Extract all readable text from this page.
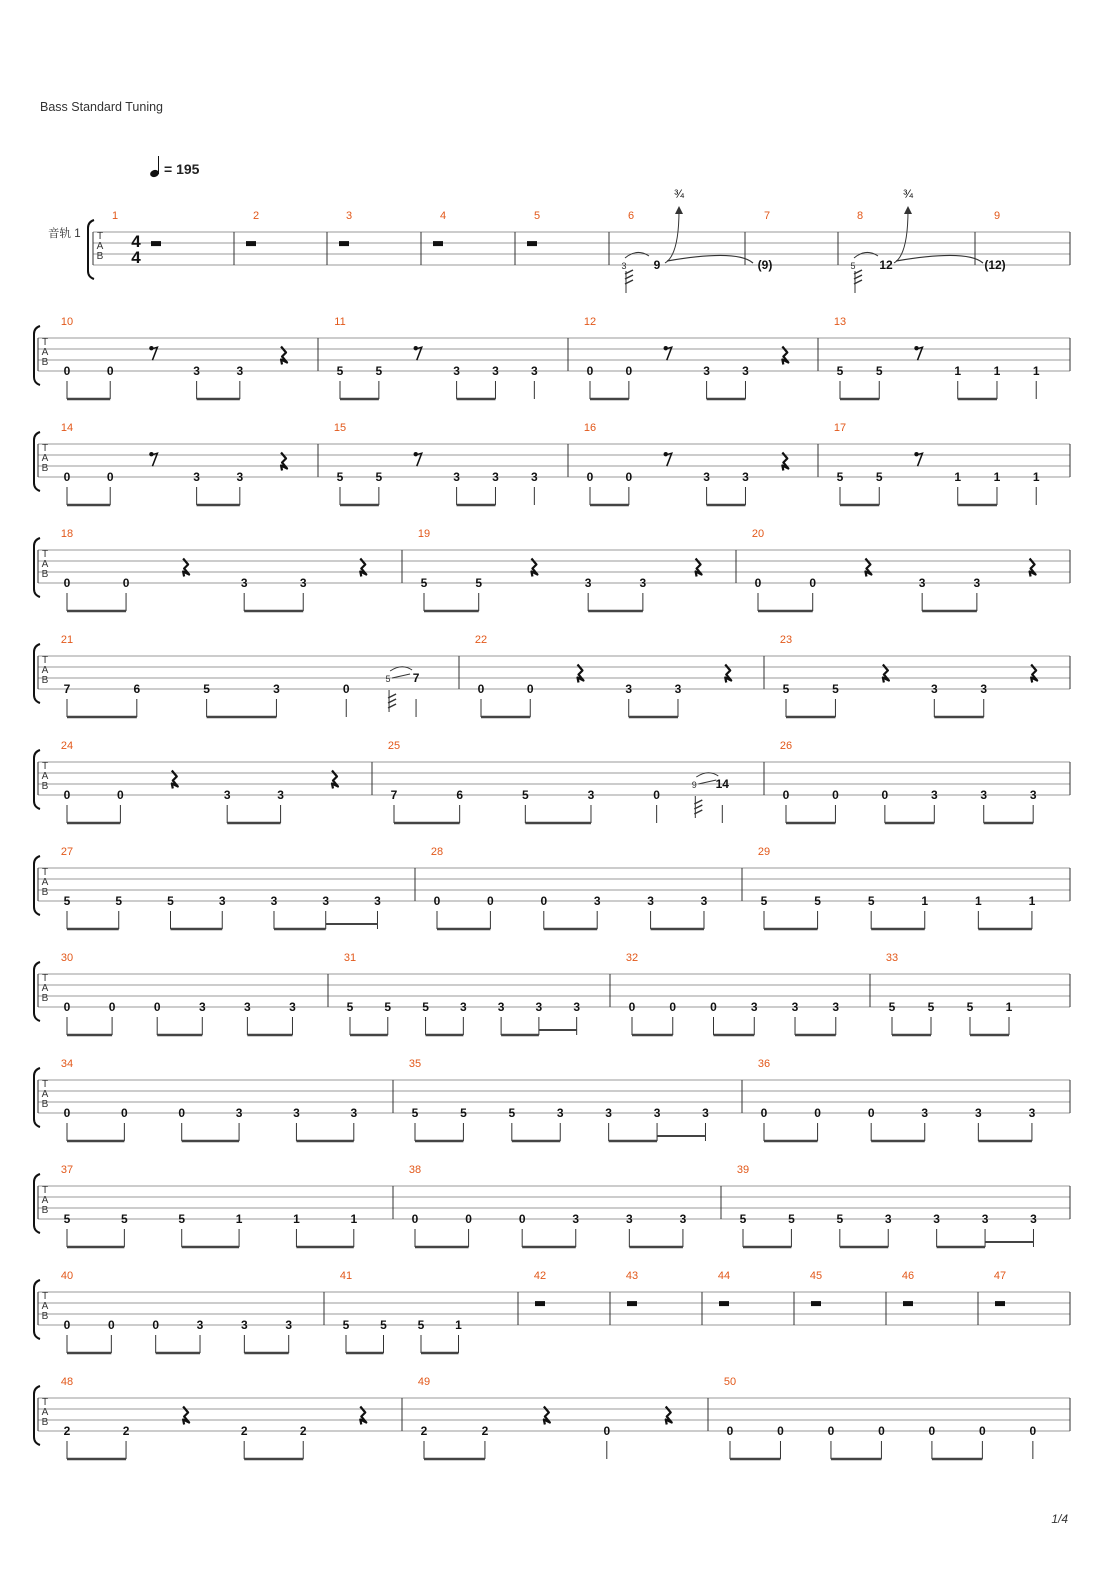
Bass Standard Tuning
= 195
音轨 1 T
A
B
4
4
1	2	3	4	5	6
9
3
¾
7
(9)
8
12
5
¾
9
(12)
T
A
B
10
0	0	3	3
11
5	5	3	3	3
12
0	0	3	3
13
5	5	1	1	1
T
A
B
14
0	0	3	3
15
5	5	3	3	3
16
0	0	3	3
17
5	5	1	1	1
T
A
B
18
0	0	3	3
19
5	5	3	3
20
0	0	3	3
T
A
B
21
7	6	5	3	0
7
5
22
0	0	3	3
23
5	5	3	3
T
A
B
24
0	0	3	3
25
7	6	5	3	0
14
9
26
0	0	0	3	3	3
T
A
B
27
5	5	5	3	3	3	3
28
0	0	0	3	3	3
29
5	5	5	1	1	1
T
A
B
30
0	0	0	3	3	3
31
5	5	5	3	3	3	3
32
0	0	0	3	3	3
33
5	5	5	1
T
A
B
34
0	0	0	3	3	3
35
5	5	5	3	3	3	3
36
0	0	0	3	3	3
T
A
B
37
5	5	5	1	1	1
38
0	0	0	3	3	3
39
5	5	5	3	3	3	3
T
A
B
40
0	0	0	3	3	3
41
5	5	5	1
42	43	44	45	46	47
T
A
B
48
2	2	2	2
49
2	2	0
50
0	0	0	0	0	0	0
1/4
